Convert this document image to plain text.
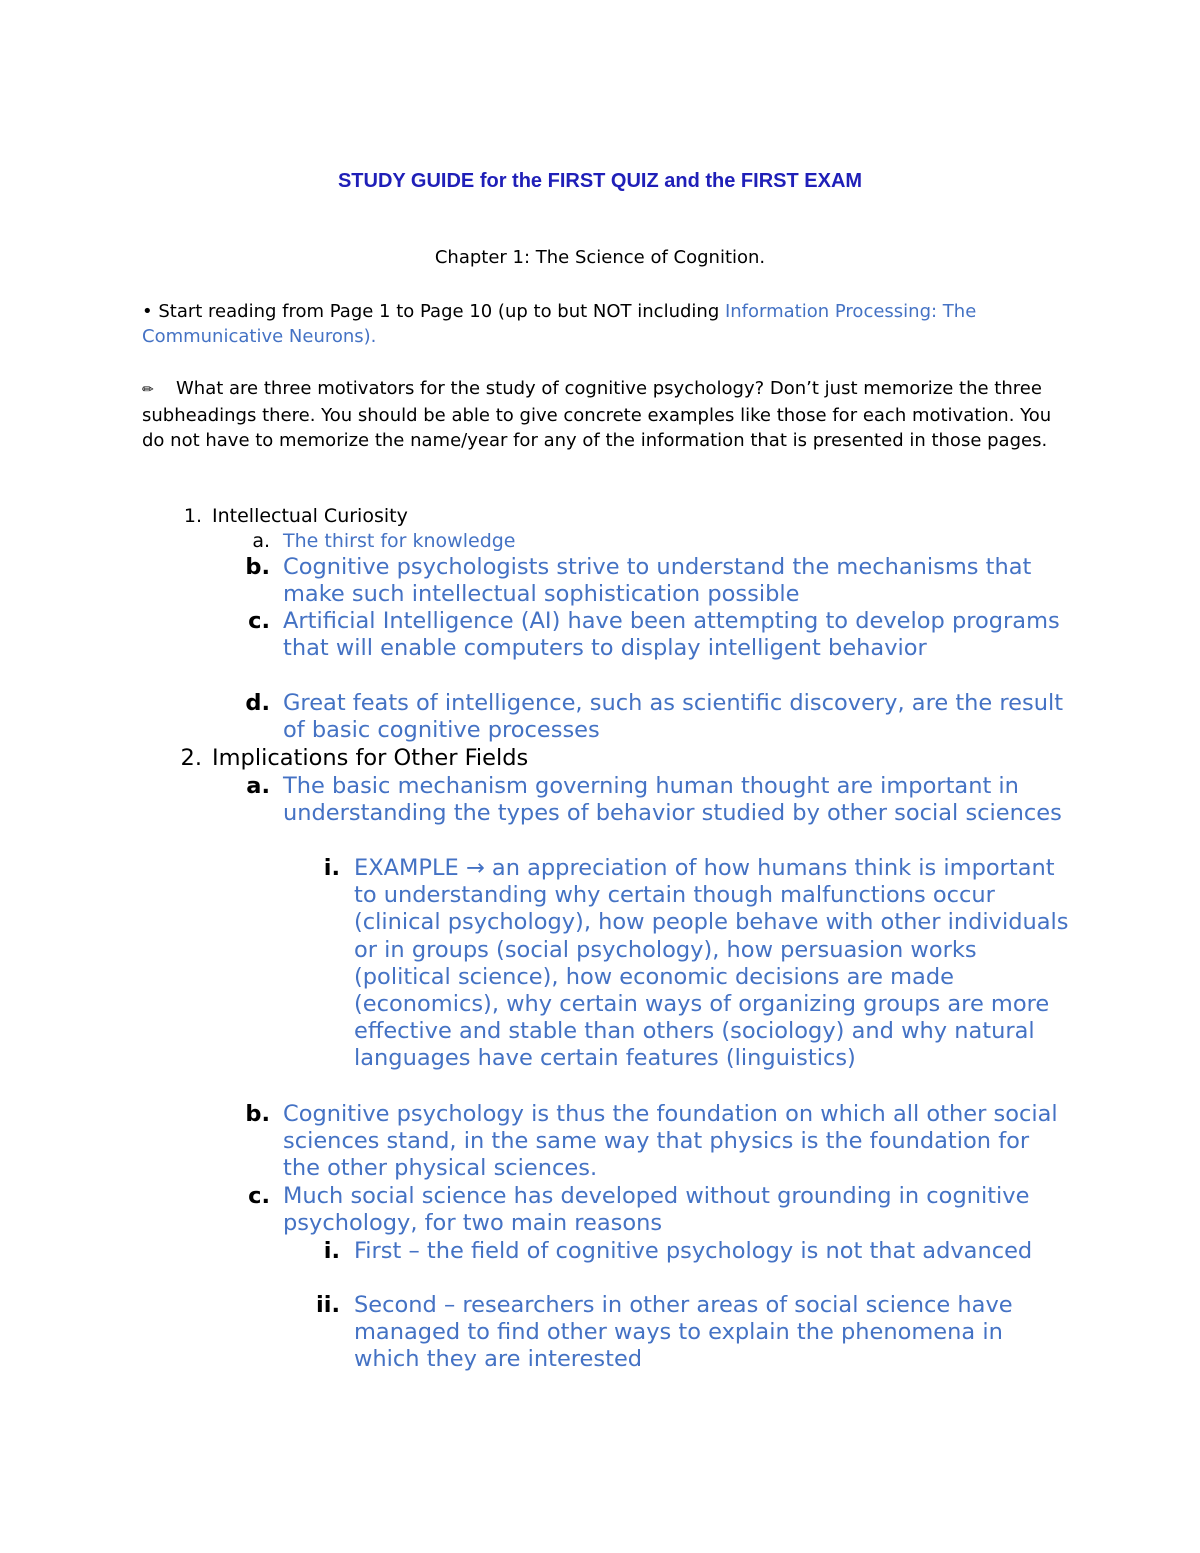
STUDY GUIDE for the FIRST QUIZ and the FIRST EXAM
Chapter 1: The Science of Cognition.
• Start reading from Page 1 to Page 10 (up to but NOT including Information Processing: The Communicative Neurons).
✏ What are three motivators for the study of cognitive psychology? Don’t just memorize the three subheadings there. You should be able to give concrete examples like those for each motivation. You do not have to memorize the name/year for any of the information that is presented in those pages.
1. Intellectual Curiosity
a. The thirst for knowledge
b. Cognitive psychologists strive to understand the mechanisms that make such intellectual sophistication possible
c. Artificial Intelligence (AI) have been attempting to develop programs that will enable computers to display intelligent behavior
d. Great feats of intelligence, such as scientific discovery, are the result of basic cognitive processes
2. Implications for Other Fields
a. The basic mechanism governing human thought are important in understanding the types of behavior studied by other social sciences
i. EXAMPLE → an appreciation of how humans think is important to understanding why certain though malfunctions occur (clinical psychology), how people behave with other individuals or in groups (social psychology), how persuasion works (political science), how economic decisions are made (economics), why certain ways of organizing groups are more effective and stable than others (sociology) and why natural languages have certain features (linguistics)
b. Cognitive psychology is thus the foundation on which all other social sciences stand, in the same way that physics is the foundation for the other physical sciences.
c. Much social science has developed without grounding in cognitive psychology, for two main reasons
i. First – the field of cognitive psychology is not that advanced
ii. Second – researchers in other areas of social science have managed to find other ways to explain the phenomena in which they are interested
